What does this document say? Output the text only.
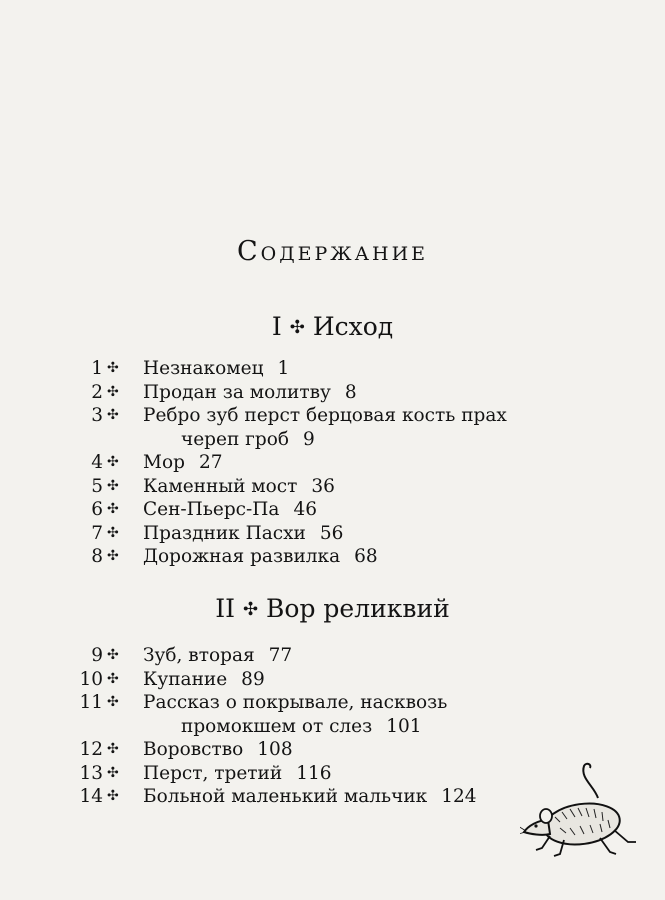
Содержание
I ✣ Исход
1 ✣ Незнакомец 1
2 ✣ Продан за молитву 8
3 ✣ Ребро зуб перст берцовая кость прах
череп гроб 9
4 ✣ Мор 27
5 ✣ Каменный мост 36
6 ✣ Сен-Пьерс-Па 46
7 ✣ Праздник Пасхи 56
8 ✣ Дорожная развилка 68
II ✣ Вор реликвий
9 ✣ Зуб, вторая 77
10 ✣ Купание 89
11 ✣ Рассказ о покрывале, насквозь
промокшем от слез 101
12 ✣ Воровство 108
13 ✣ Перст, третий 116
14 ✣ Больной маленький мальчик 124
